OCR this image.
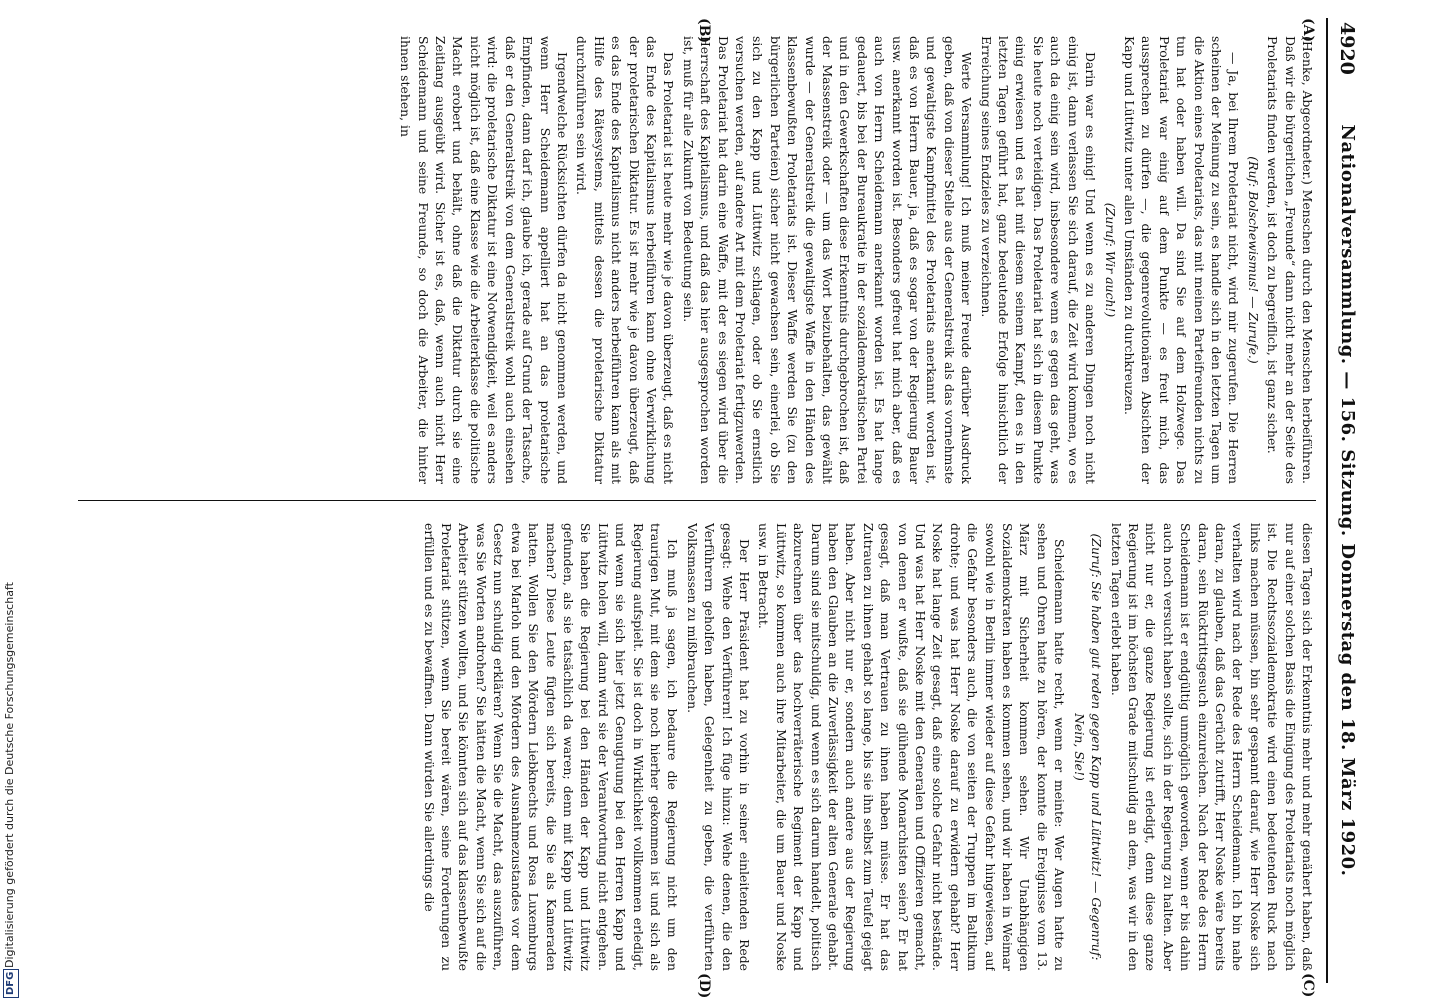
4920
Nationalversammlung. — 156. Sitzung. Donnerstag den 18. März 1920.
(A)
(B)
(C)
(D)

(Henke, Abgeordneter.) Menschen durch den Menschen herbeiführen. Daß wir die bürgerlichen „Freunde“ dann nicht mehr an der Seite des Proletariats finden werden, ist doch zu begreiflich, ist ganz sicher.

(Ruf: Bolschewismus! — Zurufe.)

— Ja, bei Ihrem Proletariat nicht, wird mir zugerufen. Die Herren scheinen der Meinung zu sein, es handle sich in den letzten Tagen um die Aktion eines Proletariats, das mit meinen Parteifreunden nichts zu tun hat oder haben will. Da sind Sie auf dem Holzwege. Das Proletariat war einig auf dem Punkte — es freut mich, das aussprechen zu dürfen —, die gegenrevolutionären Absichten der Kapp und Lüttwitz unter allen Umständen zu durchkreuzen.

(Zuruf: Wir auch!)

Darin war es einig! Und wenn es zu anderen Dingen noch nicht einig ist, dann verlassen Sie sich darauf, die Zeit wird kommen, wo es auch da einig sein wird, insbesondere wenn es gegen das geht, was Sie heute noch verteidigen. Das Proletariat hat sich in diesem Punkte einig erwiesen und es hat mit diesem seinem Kampf, den es in den letzten Tagen geführt hat, ganz bedeutende Erfolge hinsichtlich der Erreichung seines Endzieles zu verzeichnen.

Werte Versammlung! Ich muß meiner Freude darüber Ausdruck geben, daß von dieser Stelle aus der Generalstreik als das vornehmste und gewaltigste Kampfmittel des Proletariats anerkannt worden ist, daß es von Herrn Bauer, ja, daß es sogar von der Regierung Bauer usw. anerkannt worden ist. Besonders gefreut hat mich aber, daß es auch von Herrn Scheidemann anerkannt worden ist. Es hat lange gedauert, bis bei der Bureaukratie in der sozialdemokratischen Partei und in den Gewerkschaften diese Erkenntnis durchgebrochen ist, daß der Massenstreik oder — um das Wort beizubehalten, das gewählt wurde — der Generalstreik die gewaltigste Waffe in den Händen des klassenbewußten Proletariats ist. Dieser Waffe werden Sie (zu den bürgerlichen Parteien) sicher nicht gewachsen sein, einerlei, ob Sie sich zu den Kapp und Lüttwitz schlagen, oder ob Sie ernstlich versuchen werden, auf andere Art mit dem Proletariat fertigzuwerden. Das Proletariat hat darin eine Waffe, mit der es siegen wird über die Herrschaft des Kapitalismus, und daß das hier ausgesprochen worden ist, muß für alle Zukunft von Bedeutung sein.

Das Proletariat ist heute mehr wie je davon überzeugt, daß es nicht das Ende des Kapitalismus herbeiführen kann ohne Verwirklichung der proletarischen Diktatur. Es ist mehr wie je davon überzeugt, daß es das Ende des Kapitalismus nicht anders herbeiführen kann als mit Hilfe des Rätesystems, mittels dessen die proletarische Diktatur durchzuführen sein wird.

Irgendwelche Rücksichten dürfen da nicht genommen werden, und wenn Herr Scheidemann appelliert hat an das proletarische Empfinden, dann darf ich, glaube ich, gerade auf Grund der Tatsache, daß er den Generalstreik von dem Generalstreik wohl auch einsehen wird: die proletarische Diktatur ist eine Notwendigkeit, weil es anders nicht möglich ist, daß eine Klasse wie die Arbeiterklasse die politische Macht erobert und behält, ohne daß die Diktatur durch sie eine Zeitlang ausgeübt wird. Sicher ist es, daß, wenn auch nicht Herr Scheidemann und seine Freunde, so doch die Arbeiter, die hinter ihnen stehen, in

diesen Tagen sich der Erkenntnis mehr und mehr genähert haben, daß nur auf einer solchen Basis die Einigung des Proletariats noch möglich ist. Die Rechtssozialdemokratie wird einen bedeutenden Ruck nach links machen müssen, bin sehr gespannt darauf, wie Herr Noske sich verhalten wird nach der Rede des Herrn Scheidemann. Ich bin nahe daran, zu glauben, daß das Gerücht zutrifft, Herr Noske wäre bereits daran, sein Rücktrittsgesuch einzureichen. Nach der Rede des Herrn Scheidemann ist er endgültig unmöglich geworden, wenn er bis dahin auch noch versucht haben sollte, sich in der Regierung zu halten. Aber nicht nur er, die ganze Regierung ist erledigt, denn diese ganze Regierung ist im höchsten Grade mitschuldig an dem, was wir in den letzten Tagen erlebt haben.

(Zuruf: Sie haben gut reden gegen Kapp und Lüttwitz! — Gegenruf: Nein, Sie!)

Scheidemann hatte recht, wenn er meinte: Wer Augen hatte zu sehen und Ohren hatte zu hören, der konnte die Ereignisse vom 13. März mit Sicherheit kommen sehen. Wir Unabhängigen Sozialdemokraten haben es kommen sehen, und wir haben in Weimar sowohl wie in Berlin immer wieder auf diese Gefahr hingewiesen, auf die Gefahr besonders auch, die von seiten der Truppen im Baltikum drohte; und was hat Herr Noske darauf zu erwidern gehabt? Herr Noske hat lange Zeit gesagt, daß eine solche Gefahr nicht bestände. Und was hat Herr Noske mit den Generalen und Offizieren gemacht, von denen er wußte, daß sie glühende Monarchisten seien? Er hat gesagt, daß man Vertrauen zu ihnen haben müsse. Er hat das Zutrauen zu ihnen gehabt so lange, bis sie ihn selbst zum Teufel gejagt haben. Aber nicht nur er, sondern auch andere aus der Regierung haben den Glauben an die Zuverlässigkeit der alten Generale gehabt. Darum sind sie mitschuldig, und wenn es sich darum handelt, politisch abzurechnen über das hochverräterische Regiment der Kapp und Lüttwitz, so kommen auch ihre Mitarbeiter, die um Bauer und Noske usw. in Betracht.

Der Herr Präsident hat zu vorhin in seiner einleitenden Rede gesagt: Wehe den Verführern! Ich füge hinzu: Wehe denen, die den Verführern geholfen haben, Gelegenheit zu geben, die verführten Volksmassen zu mißbrauchen.

Ich muß ja sagen, ich bedaure die Regierung nicht um den traurigen Mut, mit dem sie noch hierher gekommen ist und sich als Regierung aufspielt. Sie ist doch in Wirklichkeit vollkommen erledigt, und wenn sie sich hier jetzt Genugtuung bei den Herren Kapp und Lüttwitz holen will, dann wird sie der Verantwortung nicht entgehen. Sie haben die Regierung bei den Händen der Kapp und Lüttwitz gefunden, als sie tatsächlich da waren; denn mit Kapp und Lüttwitz machen? Diese Leute fügten sich bereits, die Sie als Kameraden hatten. Wollen Sie den Mördern Liebknechts und Rosa Luxemburgs etwa bei Marloh und den Mördern des Ausnahmezustandes vor dem Gesetz nun schuldig erklären? Wenn Sie die Macht, das auszuführen, was Sie Worten androhen? Sie hätten die Macht, wenn Sie sich auf die Arbeiter stützen wollten, und Sie könnten sich auf das klassenbewußte Proletariat stützen, wenn Sie bereit wären, seine Forderungen zu erfüllen und es zu bewaffnen. Dann würden Sie allerdings die

DFG
Digitalisierung gefördert durch die Deutsche Forschungsgemeinschaft
